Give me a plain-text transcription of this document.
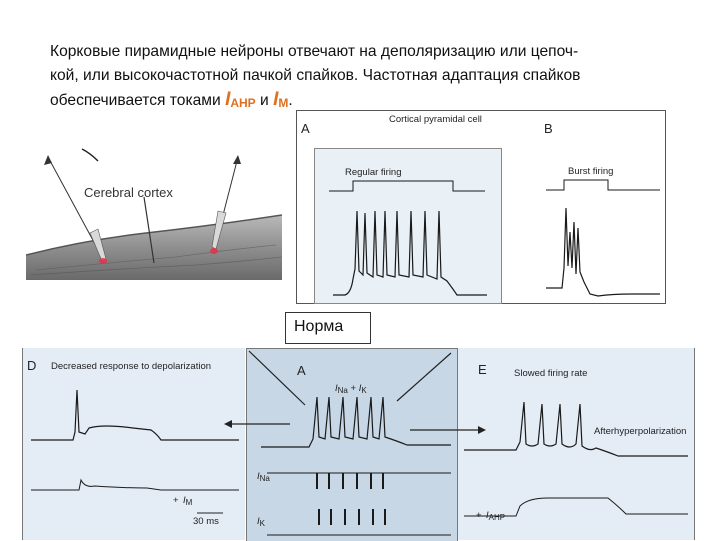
Корковые пирамидные нейроны отвечают на деполяризацию или цепоч-
кой, или высокочастотной пачкой спайков. Частотная адаптация спайков
обеспечивается токами IAHP и IM.
Cerebral cortex
Cortical pyramidal cell
A	B
Regular firing	Burst firing
Норма
D Decreased response to depolarization
+ $I_M$
30 ms
A
$I_{Na} + I_K$
$I_{Na}$
$I_K$
E	Slowed firing rate
Afterhyperpolarization
+ $I_{AHP}$
